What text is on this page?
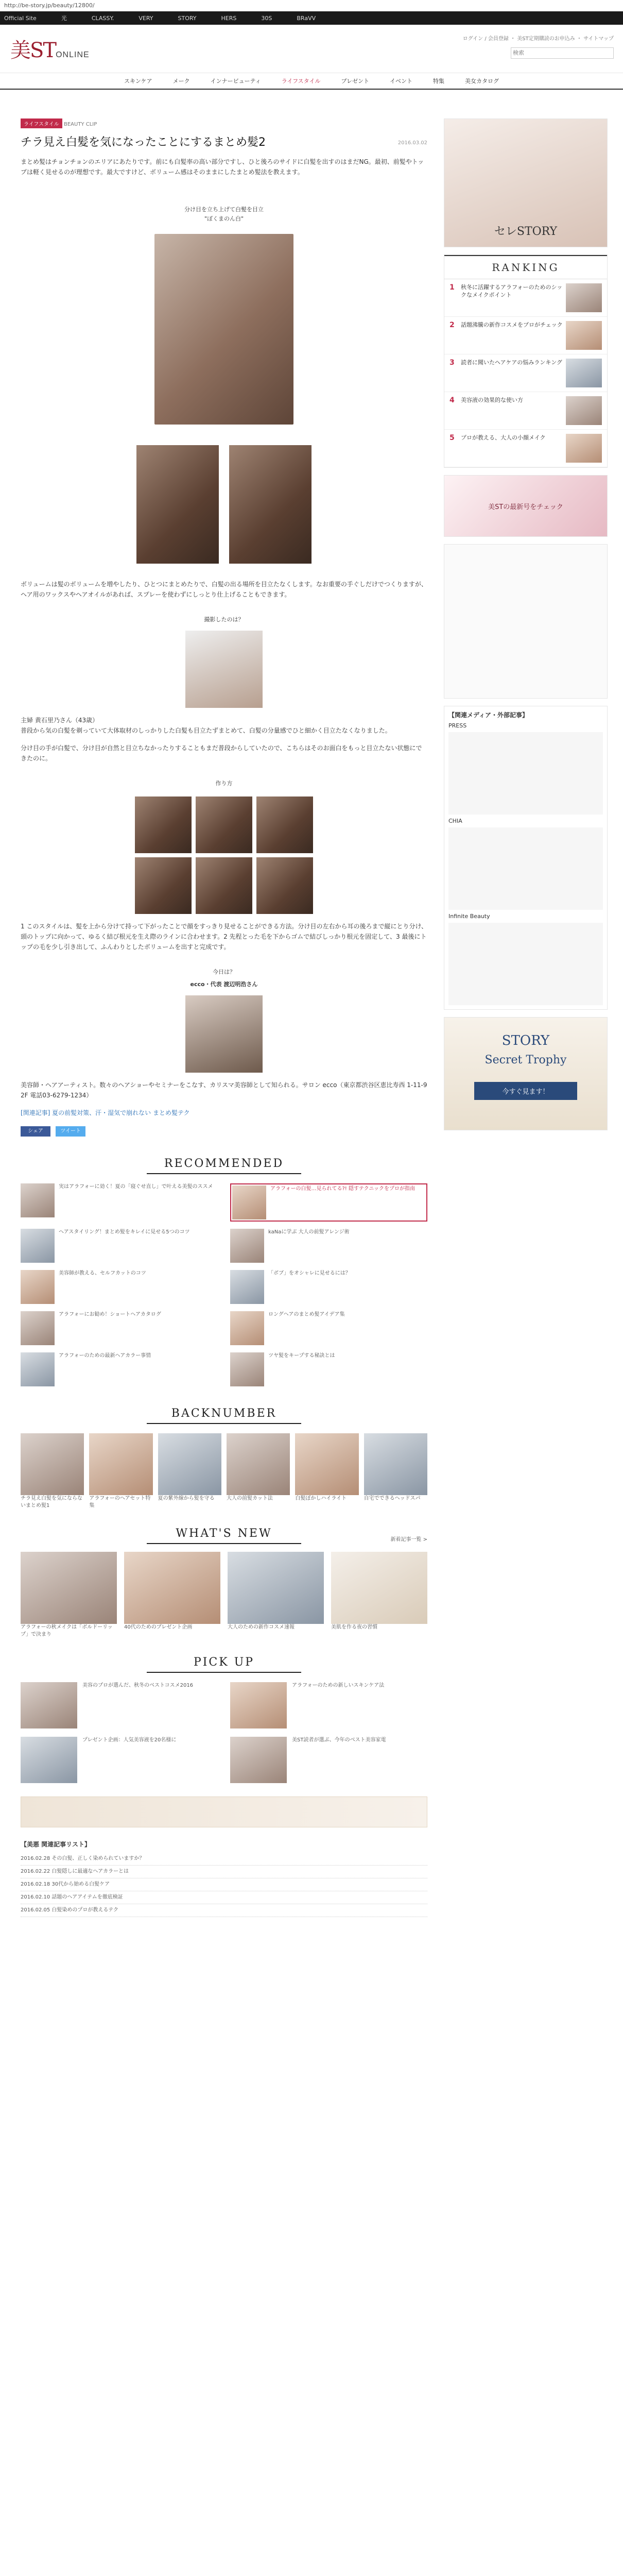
http://be-story.jp/beauty/12800/
Official Site	光	CLASSY.	VERY	STORY	HERS	30S	BRaVV
美STONLINE
ログイン / 会員登録 ・ 美ST定期購読のお申込み ・ サイトマップ
検索
スキンケア	メーク	インナービューティ	ライフスタイル	プレゼント	イベント	特集	美女カタログ
ライフスタイル BEAUTY CLIP
チラ見え白髪を気になったことにするまとめ髪2	2016.03.02

まとめ髪はチョンチョンのエリアにあたりです。前にも白髪率の高い部分ですし、ひと後ろのサイドに白髪を出すのはまだNG。最初、前髪やトップは軽く見せるのが理想です。最大ですけど、ボリューム感はそのままにしたまとめ髪法を教えます。

分け目を立ち上げて白髪を目立
"ぼくまのん白"

ボリュームは髪のボリュームを増やしたり、ひとつにまとめたりで、白髪の出る場所を目立たなくします。なお重要の手ぐしだけでつくりますが、ヘア用のワックスやヘアオイルがあれば、スプレーを使わずにしっとり仕上げることもできます。

撮影したのは？

主婦 黄石里乃さん（43歳）
普段から気の白髪を剃っていて大体取材のしっかりした白髪も目立たずまとめて、白髪の分量感でひと細かく目立たなくなりました。

分け目の手が白髪で、分け目が自然と目立ちなかったりすることもまだ普段からしていたので、こちらはそのお面白をもっと目立たない状態にできたのに。

作り方

1 このスタイルは、髪を上から分けて持って下がったことで顔をすっきり見せることができる方法。分け目の左右から耳の後ろまで縦にとり分け、頭のトップに向かって、ゆるく結び根元を生え際のラインに合わせます。2 先程とった毛を下からゴムで結びしっかり根元を固定して、3 最後にトップの毛を少し引き出して、ふんわりとしたボリュームを出すと完成です。

今日は？
ecco・代表 渡辺明浩さん

美容師・ヘアアーティスト。数々のヘアショーやセミナーをこなす、カリスマ美容師として知られる。サロン ecco（東京都渋谷区恵比寿西 1-11-9 2F 電話03-6279-1234）

[関連記事] 夏の前髪対策、汗・湿気で崩れない まとめ髪テク

シェア	ツイート
RECOMMENDED
実はアラフォーに効く！夏の「寝ぐせ直し」で叶える美髪のススメ	アラフォーの白髪…見られてる?! 隠すテクニックをプロが指南
ヘアスタイリング！まとめ髪をキレイに見せる5つのコツ	kaNaに学ぶ 大人の前髪アレンジ術
美容師が教える、セルフカットのコツ	「ボブ」をオシャレに見せるには？
アラフォーにお勧め！ショートヘアカタログ	ロングヘアのまとめ髪アイデア集
アラフォーのための最新ヘアカラー事情	ツヤ髪をキープする秘訣とは
BACKNUMBER
チラ見え白髪を気にならないまとめ髪1
アラフォーのヘアセット特集
夏の紫外線から髪を守る	大人の前髪カット法	白髪ぼかしハイライト	自宅でできるヘッドスパ
WHAT'S NEW	新着記事一覧 >
アラフォーの秋メイクは「ボルドーリップ」で決まり
40代のためのプレゼント企画	大人のための新作コスメ速報	美肌を作る夜の習慣
PICK UP
美容のプロが選んだ、秋冬のベストコスメ2016	アラフォーのための新しいスキンケア法
プレゼント企画：人気美容液を20名様に	美ST読者が選ぶ、今年のベスト美容家電
【美悪 関連記事リスト】
2016.02.28 その白髪、正しく染められていますか？
2016.02.22 白髪隠しに最適なヘアカラーとは
2016.02.18 30代から始める白髪ケア
2016.02.10 話題のヘアアイテムを徹底検証
2016.02.05 白髪染めのプロが教えるテク
セレSTORY
RANKING
1	秋冬に活躍するアラフォーのためのシックなメイクポイント
2	話題沸騰の新作コスメをプロがチェック
3	読者に聞いたヘアケアの悩みランキング
4	美容液の効果的な使い方
5	プロが教える、大人の小顔メイク
美STの最新号をチェック
【関連メディア・外部記事】
PRESS
CHIA
Infinite Beauty
STORY
Secret Trophy
今すぐ見ます！
